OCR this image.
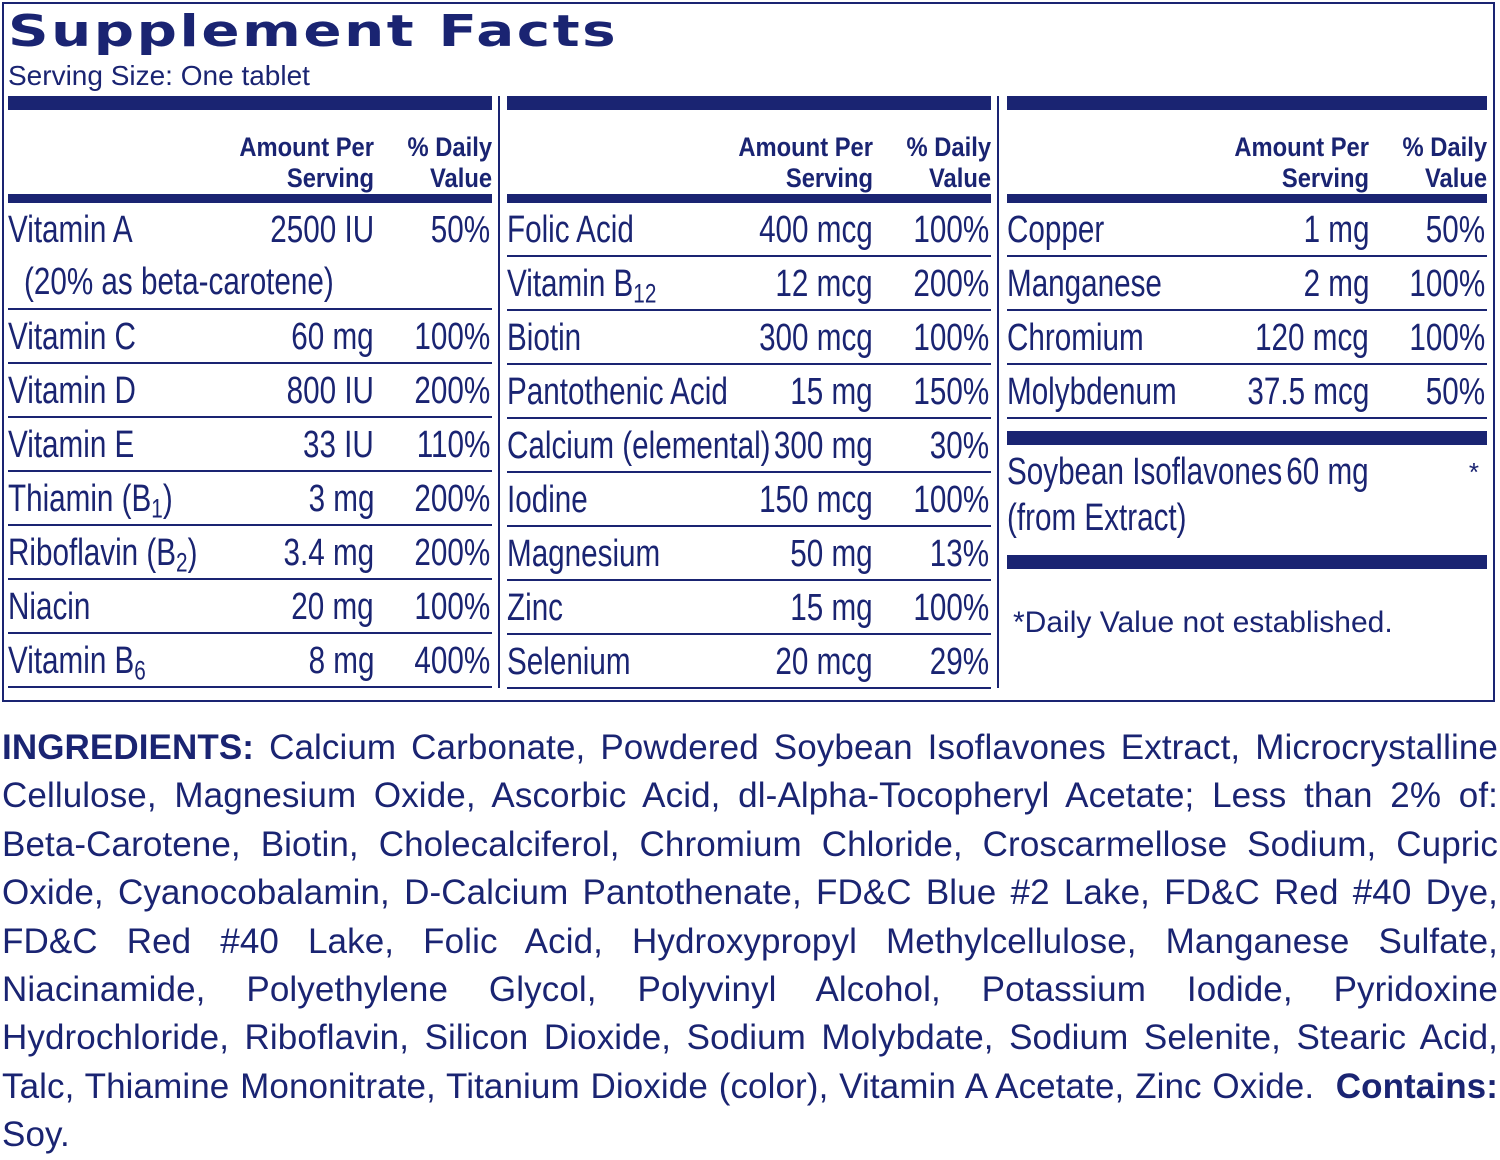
Supplement Facts
Serving Size: One tablet
Amount Per
Serving
% Daily
Value
Vitamin A	2500 IU 50%
(20% as beta-carotene)
Vitamin C	60 mg 100%
Vitamin D	800 IU 200%
Vitamin E	33 IU 110%
Thiamin $(B_1)$	3 mg 200%
Riboflavin $(B_2)$ 3.4 mg 200%
Niacin	20 mg 100%
Vitamin $B_6$	8 mg 400%
Amount Per
Serving
% Daily
Value
Folic Acid	400 mcg 100%
Vitamin $B_{12}$	12 mcg 200%
Biotin	300 mcg 100%
Pantothenic Acid 15 mg 150%
Calcium (elemental) 300 mg 30%
Iodine	150 mcg 100%
Magnesium	50 mg 13%
Zinc	15 mg 100%
Selenium	20 mcg 29%
Amount Per
Serving
% Daily
Value
Copper	1 mg 50%
Manganese	2 mg 100%
Chromium	120 mcg 100%
Molybdenum 37.5 mcg 50%
Soybean Isoflavones
(from Extract)
60 mg	*
*Daily Value not established.
INGREDIENTS: Calcium Carbonate, Powdered Soybean Isoflavones Extract, Microcrystalline Cellulose, Magnesium Oxide, Ascorbic Acid, dl-Alpha-Tocopheryl Acetate; Less than 2% of: Beta-Carotene, Biotin, Cholecalciferol, Chromium Chloride, Croscarmellose Sodium, Cupric Oxide, Cyanocobalamin, D-Calcium Pantothenate, FD&C Blue #2 Lake, FD&C Red #40 Dye, FD&C Red #40 Lake, Folic Acid, Hydroxypropyl Methylcellulose, Manganese Sulfate, Niacinamide, Polyethylene Glycol, Polyvinyl Alcohol, Potassium Iodide, Pyridoxine Hydrochloride, Riboflavin, Silicon Dioxide, Sodium Molybdate, Sodium Selenite, Stearic Acid, Talc, Thiamine Mononitrate, Titanium Dioxide (color), Vitamin A Acetate, Zinc Oxide. Contains: Soy.
